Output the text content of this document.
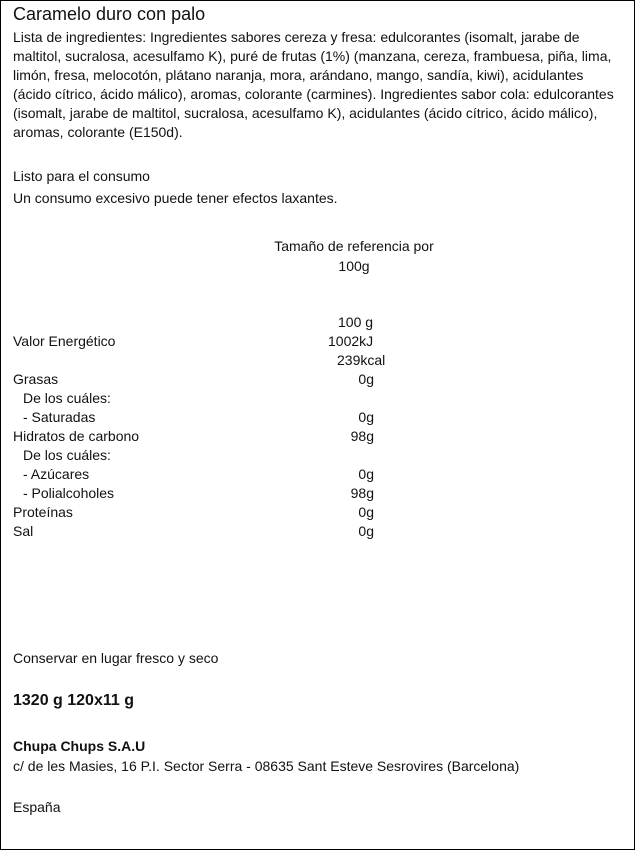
Caramelo duro con palo
Lista de ingredientes: Ingredientes sabores cereza y fresa: edulcorantes (isomalt, jarabe de maltitol, sucralosa, acesulfamo K), puré de frutas (1%) (manzana, cereza, frambuesa, piña, lima, limón, fresa, melocotón, plátano naranja, mora, arándano, mango, sandía, kiwi), acidulantes (ácido cítrico, ácido málico), aromas, colorante (carmines). Ingredientes sabor cola: edulcorantes (isomalt, jarabe de maltitol, sucralosa, acesulfamo K), acidulantes (ácido cítrico, ácido málico), aromas, colorante (E150d).
Listo para el consumo
Un consumo excesivo puede tener efectos laxantes.
Tamaño de referencia por
100g
100 g
Valor Energético	1002kJ
239kcal
Grasas	0g
De los cuáles:
- Saturadas	0g
Hidratos de carbono	98g
De los cuáles:
- Azúcares	0g
- Polialcoholes	98g
Proteínas	0g
Sal	0g
Conservar en lugar fresco y seco
1320 g 120x11 g
Chupa Chups S.A.U
c/ de les Masies, 16 P.I. Sector Serra - 08635 Sant Esteve Sesrovires (Barcelona)
España
